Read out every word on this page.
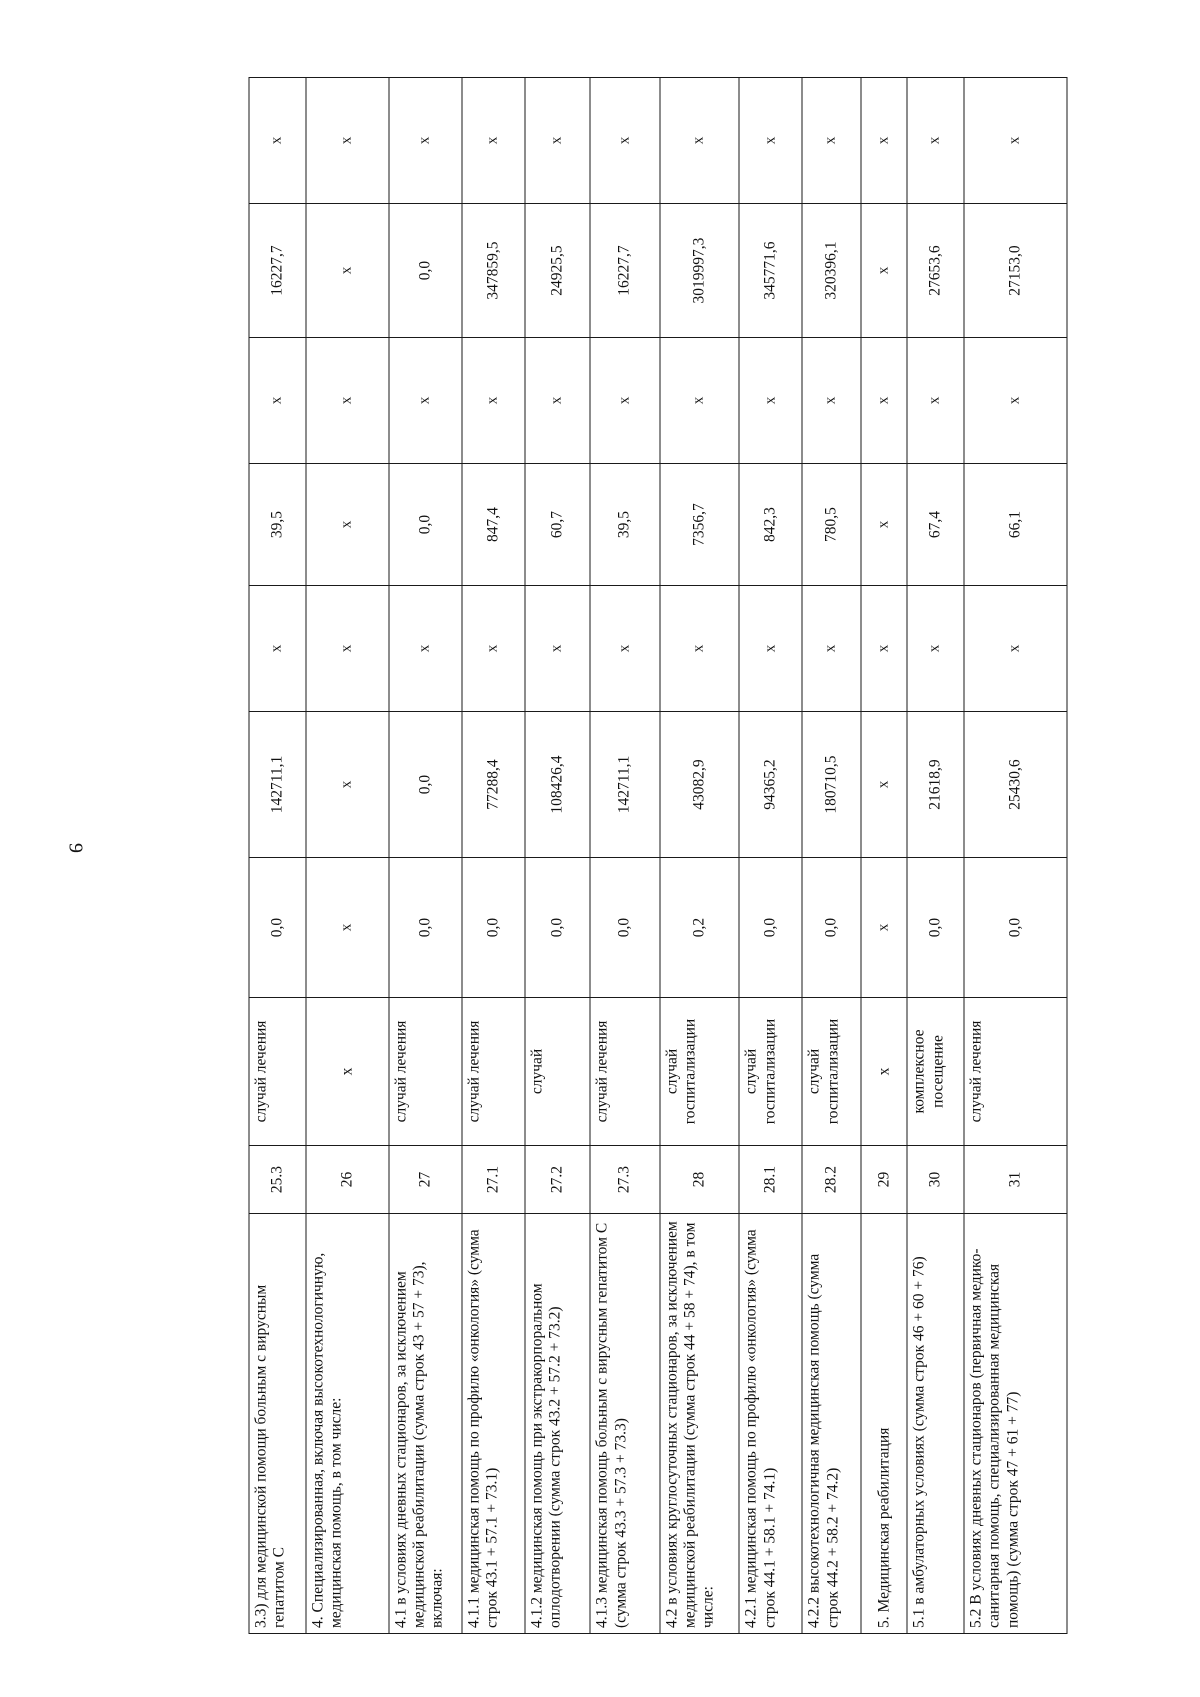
9
3.3) для медицинской помощи больным с вирусным гепатитом С	25.3	случай лечения	0,0	142711,1	х	39,5	х	16227,7	х
4. Специализированная, включая высокотехнологичную, медицинская помощь, в том числе:	26	х	х	х	х	х	х	х	х
4.1 в условиях дневных стационаров, за исключением медицинской реабилитации (сумма строк 43 + 57 + 73), включая:	27	случай лечения	0,0	0,0	х	0,0	х	0,0	х
4.1.1 медицинская помощь по профилю «онкология» (сумма строк 43.1 + 57.1 + 73.1)	27.1	случай лечения	0,0	77288,4	х	847,4	х	347859,5	х
4.1.2 медицинская помощь при экстракорпоральном оплодотворении (сумма строк 43.2 + 57.2 + 73.2)	27.2	случай	0,0	108426,4	х	60,7	х	24925,5	х
4.1.3 медицинская помощь больным с вирусным гепатитом С (сумма строк 43.3 + 57.3 + 73.3)	27.3	случай лечения	0,0	142711,1	х	39,5	х	16227,7	х
4.2 в условиях круглосуточных стационаров, за исключением медицинской реабилитации (сумма строк 44 + 58 + 74), в том числе:	28	случай госпитализации	0,2	43082,9	х	7356,7	х	3019997,3	х
4.2.1 медицинская помощь по профилю «онкология» (сумма строк 44.1 + 58.1 + 74.1)	28.1	случай госпитализации	0,0	94365,2	х	842,3	х	345771,6	х
4.2.2 высокотехнологичная медицинская помощь (сумма строк 44.2 + 58.2 + 74.2)	28.2	случай госпитализации	0,0	180710,5	х	780,5	х	320396,1	х
5. Медицинская реабилитация	29	х	х	х	х	х	х	х	х
5.1 в амбулаторных условиях (сумма строк 46 + 60 + 76)	30	комплексное посещение	0,0	21618,9	х	67,4	х	27653,6	х
5.2 В условиях дневных стационаров (первичная медико-санитарная помощь, специализированная медицинская помощь) (сумма строк 47 + 61 + 77)	31	случай лечения	0,0	25430,6	х	66,1	х	27153,0	х
